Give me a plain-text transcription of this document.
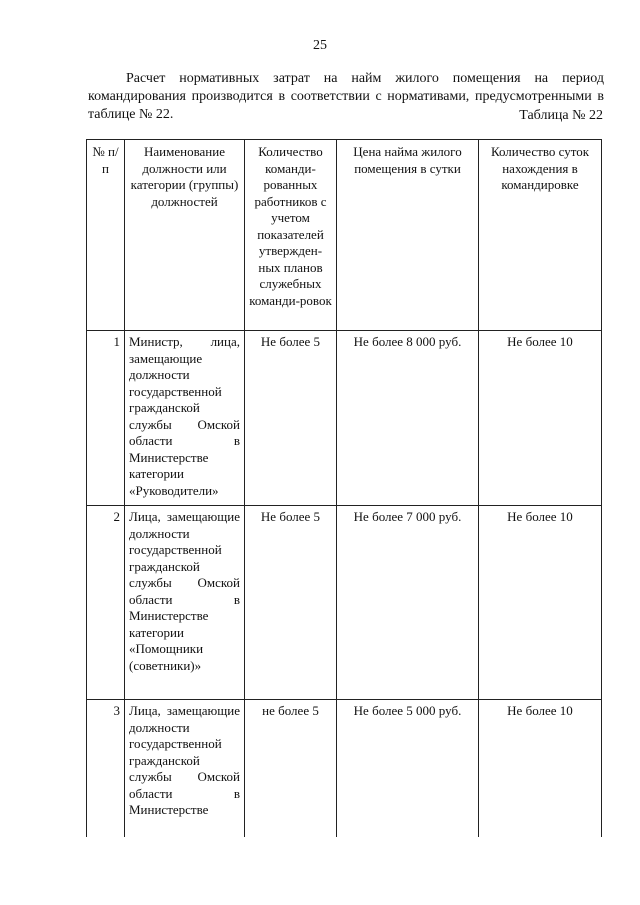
25

Расчет нормативных затрат на найм жилого помещения на период командирования производится в соответствии с нормативами, предусмотренными в таблице № 22.	Таблица № 22
№ п/п	Наименование должности или категории (группы) должностей	Количество команди-рованных работников с учетом показателей утвержден-ных планов служебных команди-ровок	Цена найма жилого помещения в сутки	Количество суток нахождения в командировке
1	Министр, лица, замещающие должности государственной гражданской службы Омской области в Министерстве категории «Руководители»	Не более 5	Не более 8 000 руб.	Не более 10
2	Лица, замещающие должности государственной гражданской службы Омской области в Министерстве категории «Помощники (советники)»	Не более 5	Не более 7 000 руб.	Не более 10
3	Лица, замещающие должности государственной гражданской службы Омской области в Министерстве	не более 5	Не более 5 000 руб.	Не более 10
